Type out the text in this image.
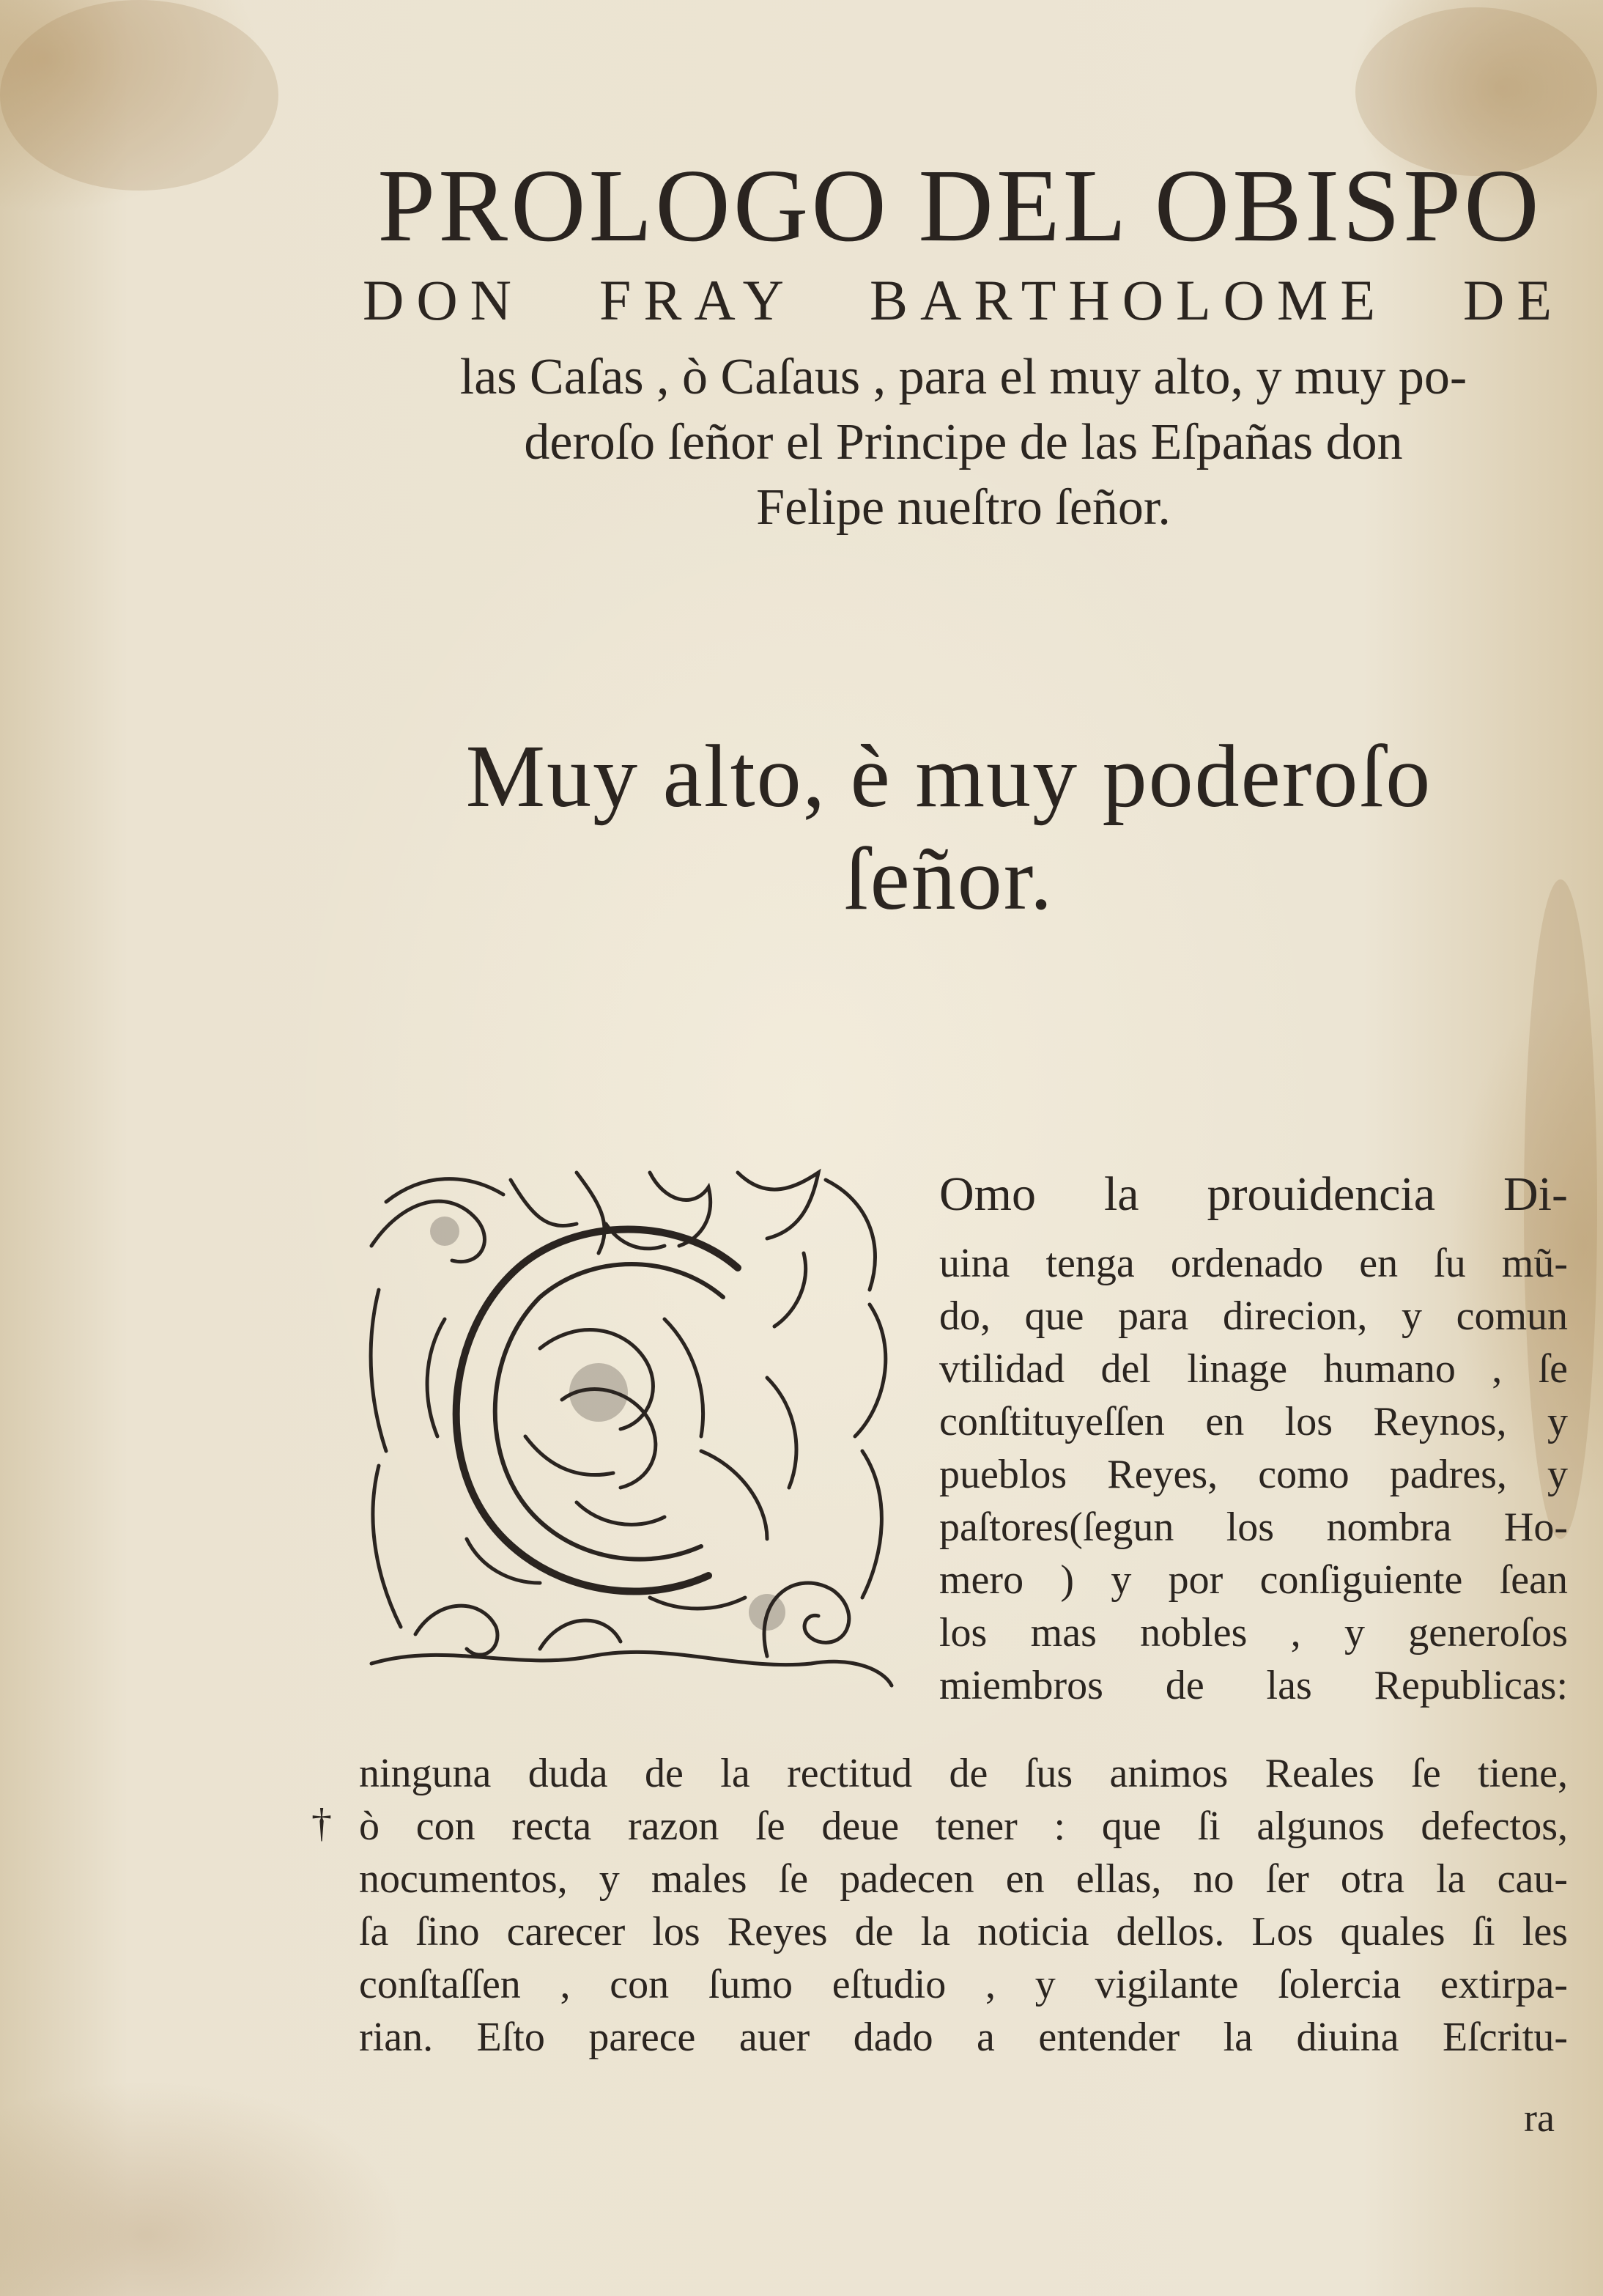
PROLOGO DEL OBISPO
DON FRAY BARTHOLOME DE
las Caſas , ò Caſaus , para el muy alto, y muy po-
deroſo ſeñor el Principe de las Eſpañas don
Felipe nueſtro ſeñor.
Muy alto, è muy poderoſo
ſeñor.
Omo la prouidencia Di-
uina tenga ordenado en ſu mũ-
do, que para direcion, y comun
vtilidad del linage humano , ſe
conſtituyeſſen en los Reynos, y
pueblos Reyes, como padres, y
paſtores(ſegun los nombra Ho-
mero ) y por conſiguiente ſean
los mas nobles , y generoſos
miembros de las Republicas:
ninguna duda de la rectitud de ſus animos Reales ſe tiene,
ò con recta razon ſe deue tener : que ſi algunos defectos,
nocumentos, y males ſe padecen en ellas, no ſer otra la cau-
ſa ſino carecer los Reyes de la noticia dellos. Los quales ſi les
conſtaſſen , con ſumo eſtudio , y vigilante ſolercia extirpa-
rian. Eſto parece auer dado a entender la diuina Eſcritu-
†
ra
